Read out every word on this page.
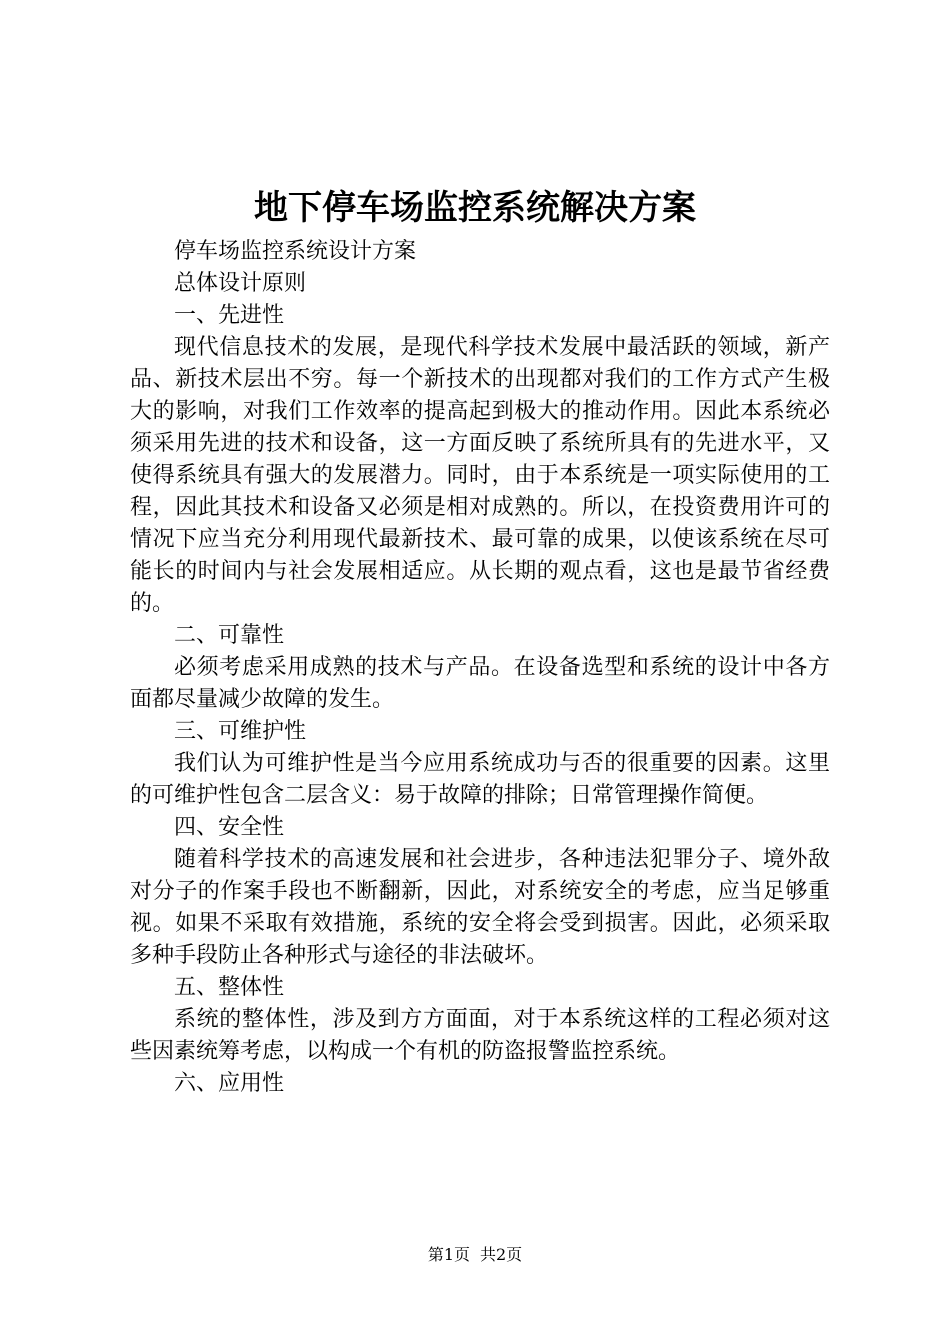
地下停车场监控系统解决方案

停车场监控系统设计方案

总体设计原则

一、先进性

现代信息技术的发展，是现代科学技术发展中最活跃的领域，新产品、新技术层出不穷。每一个新技术的出现都对我们的工作方式产生极大的影响，对我们工作效率的提高起到极大的推动作用。因此本系统必须采用先进的技术和设备，这一方面反映了系统所具有的先进水平，又使得系统具有强大的发展潜力。同时，由于本系统是一项实际使用的工程，因此其技术和设备又必须是相对成熟的。所以，在投资费用许可的情况下应当充分利用现代最新技术、最可靠的成果，以使该系统在尽可能长的时间内与社会发展相适应。从长期的观点看，这也是最节省经费的。

二、可靠性

必须考虑采用成熟的技术与产品。在设备选型和系统的设计中各方面都尽量减少故障的发生。

三、可维护性

我们认为可维护性是当今应用系统成功与否的很重要的因素。这里的可维护性包含二层含义：易于故障的排除；日常管理操作简便。

四、安全性

随着科学技术的高速发展和社会进步，各种违法犯罪分子、境外敌对分子的作案手段也不断翻新，因此，对系统安全的考虑，应当足够重视。如果不采取有效措施，系统的安全将会受到损害。因此，必须采取多种手段防止各种形式与途径的非法破坏。

五、整体性

系统的整体性，涉及到方方面面，对于本系统这样的工程必须对这些因素统筹考虑，以构成一个有机的防盗报警监控系统。

六、应用性

第1页 共2页
